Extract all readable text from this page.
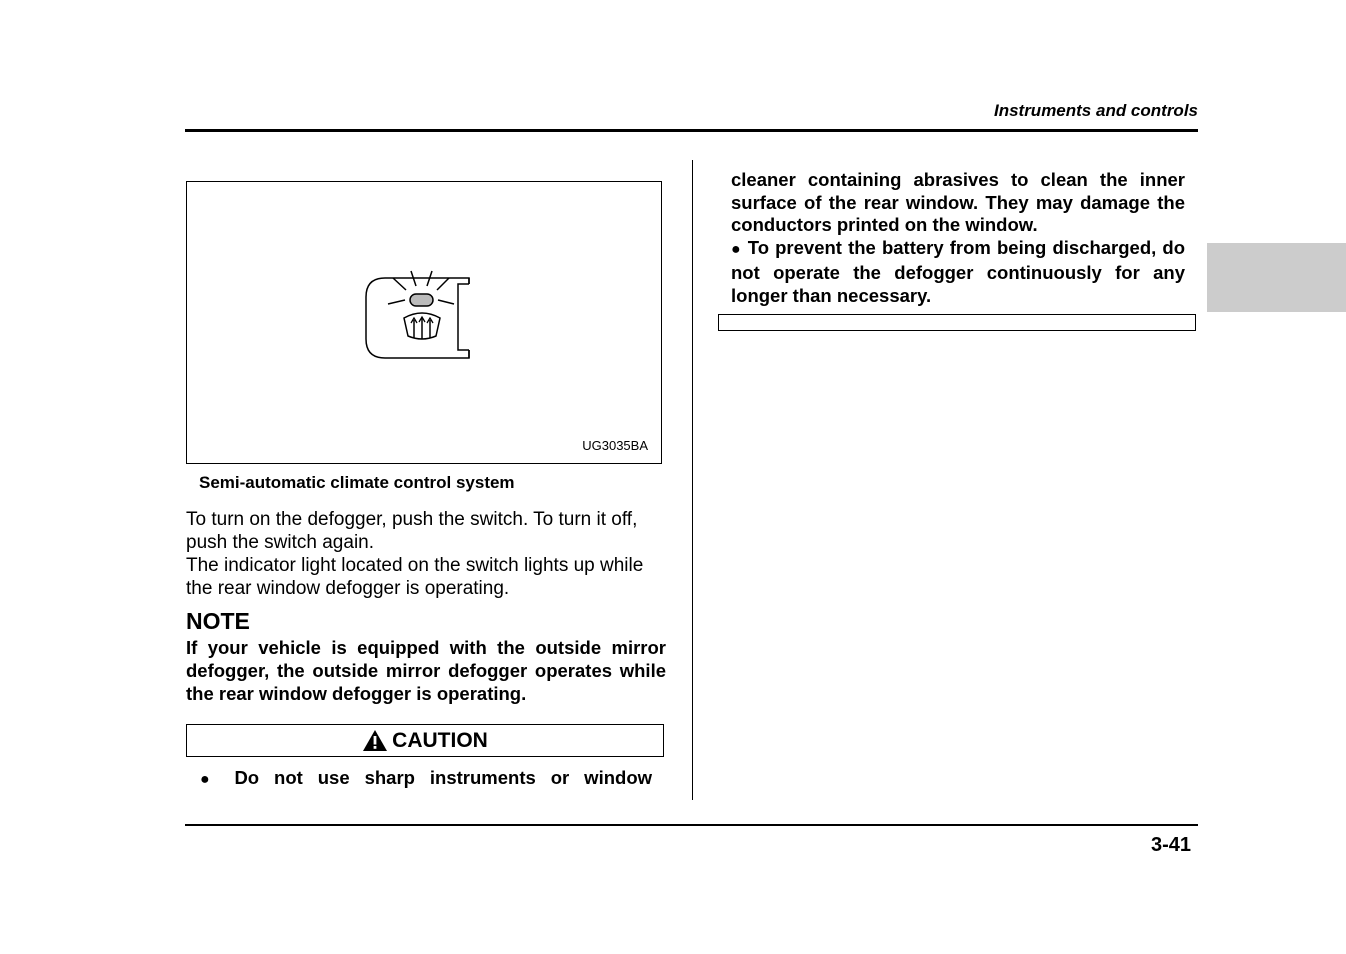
Instruments and controls
UG3035BA
Semi-automatic climate control system

To turn on the defogger, push the switch. To turn it off, push the switch again.

The indicator light located on the switch lights up while the rear window defogger is operating.

NOTE
If your vehicle is equipped with the outside mirror defogger, the outside mirror defogger operates while the rear window defogger is operating.
CAUTION
● Do not use sharp instruments or window

cleaner containing abrasives to clean the inner surface of the rear window. They may damage the conductors printed on the window.

● To prevent the battery from being discharged, do not operate the defogger continuously for any longer than necessary.

3-41
